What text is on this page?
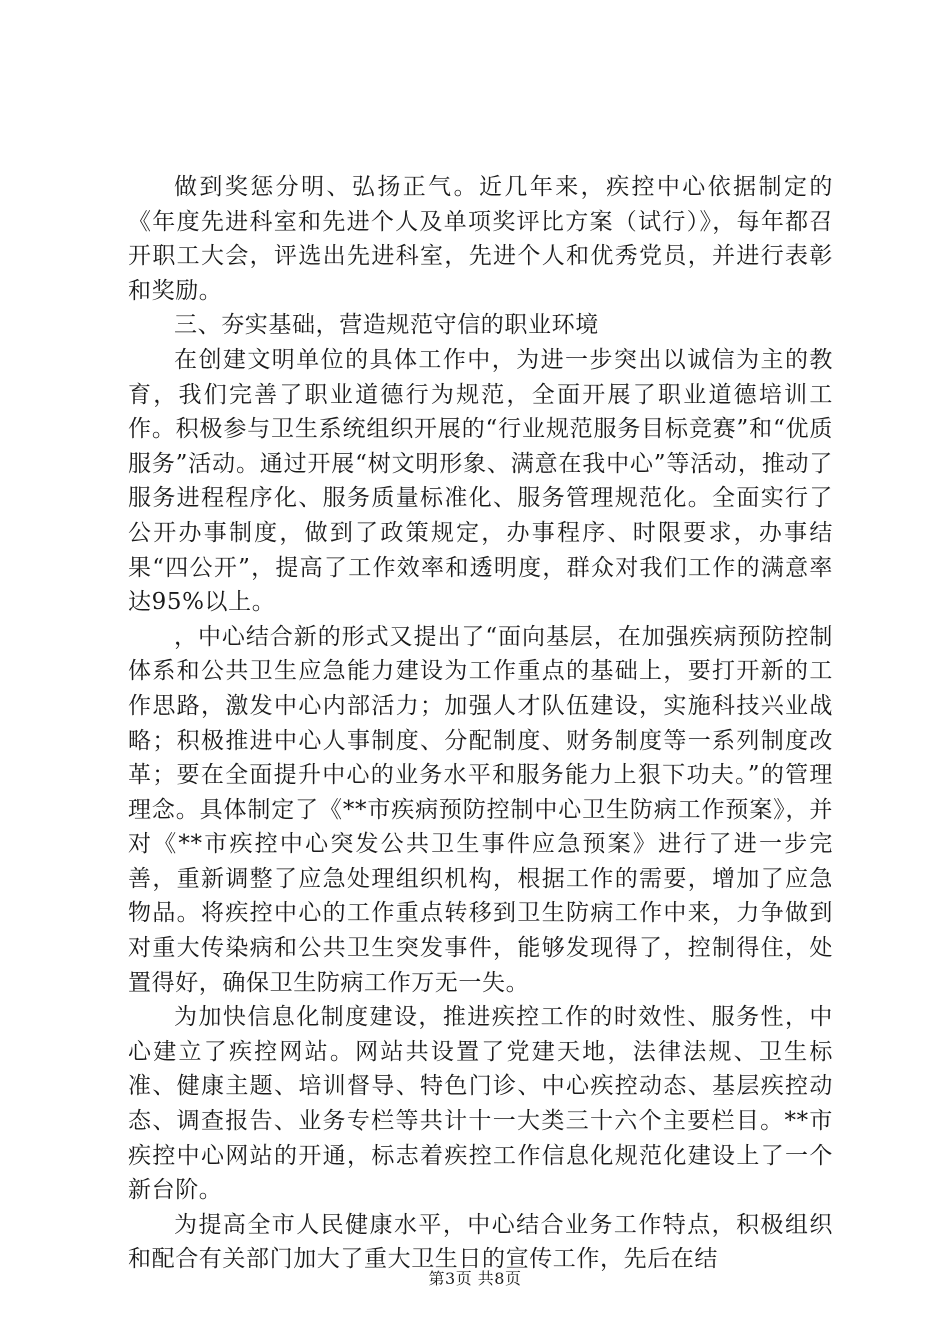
做到奖惩分明、弘扬正气。近几年来，疾控中心依据制定的《年度先进科室和先进个人及单项奖评比方案（试行）》，每年都召开职工大会，评选出先进科室，先进个人和优秀党员，并进行表彰和奖励。

三、夯实基础，营造规范守信的职业环境

在创建文明单位的具体工作中，为进一步突出以诚信为主的教育，我们完善了职业道德行为规范，全面开展了职业道德培训工作。积极参与卫生系统组织开展的“行业规范服务目标竞赛”和“优质服务”活动。通过开展“树文明形象、满意在我中心”等活动，推动了服务进程程序化、服务质量标准化、服务管理规范化。全面实行了公开办事制度，做到了政策规定，办事程序、时限要求，办事结果“四公开”，提高了工作效率和透明度，群众对我们工作的满意率达95%以上。

，中心结合新的形式又提出了“面向基层，在加强疾病预防控制体系和公共卫生应急能力建设为工作重点的基础上，要打开新的工作思路，激发中心内部活力；加强人才队伍建设，实施科技兴业战略；积极推进中心人事制度、分配制度、财务制度等一系列制度改革；要在全面提升中心的业务水平和服务能力上狠下功夫。”的管理理念。具体制定了《**市疾病预防控制中心卫生防病工作预案》，并对《**市疾控中心突发公共卫生事件应急预案》进行了进一步完善，重新调整了应急处理组织机构，根据工作的需要，增加了应急物品。将疾控中心的工作重点转移到卫生防病工作中来，力争做到对重大传染病和公共卫生突发事件，能够发现得了，控制得住，处置得好，确保卫生防病工作万无一失。

为加快信息化制度建设，推进疾控工作的时效性、服务性，中心建立了疾控网站。网站共设置了党建天地，法律法规、卫生标准、健康主题、培训督导、特色门诊、中心疾控动态、基层疾控动态、调查报告、业务专栏等共计十一大类三十六个主要栏目。**市疾控中心网站的开通，标志着疾控工作信息化规范化建设上了一个新台阶。

为提高全市人民健康水平，中心结合业务工作特点，积极组织和配合有关部门加大了重大卫生日的宣传工作，先后在结

第3页 共8页
